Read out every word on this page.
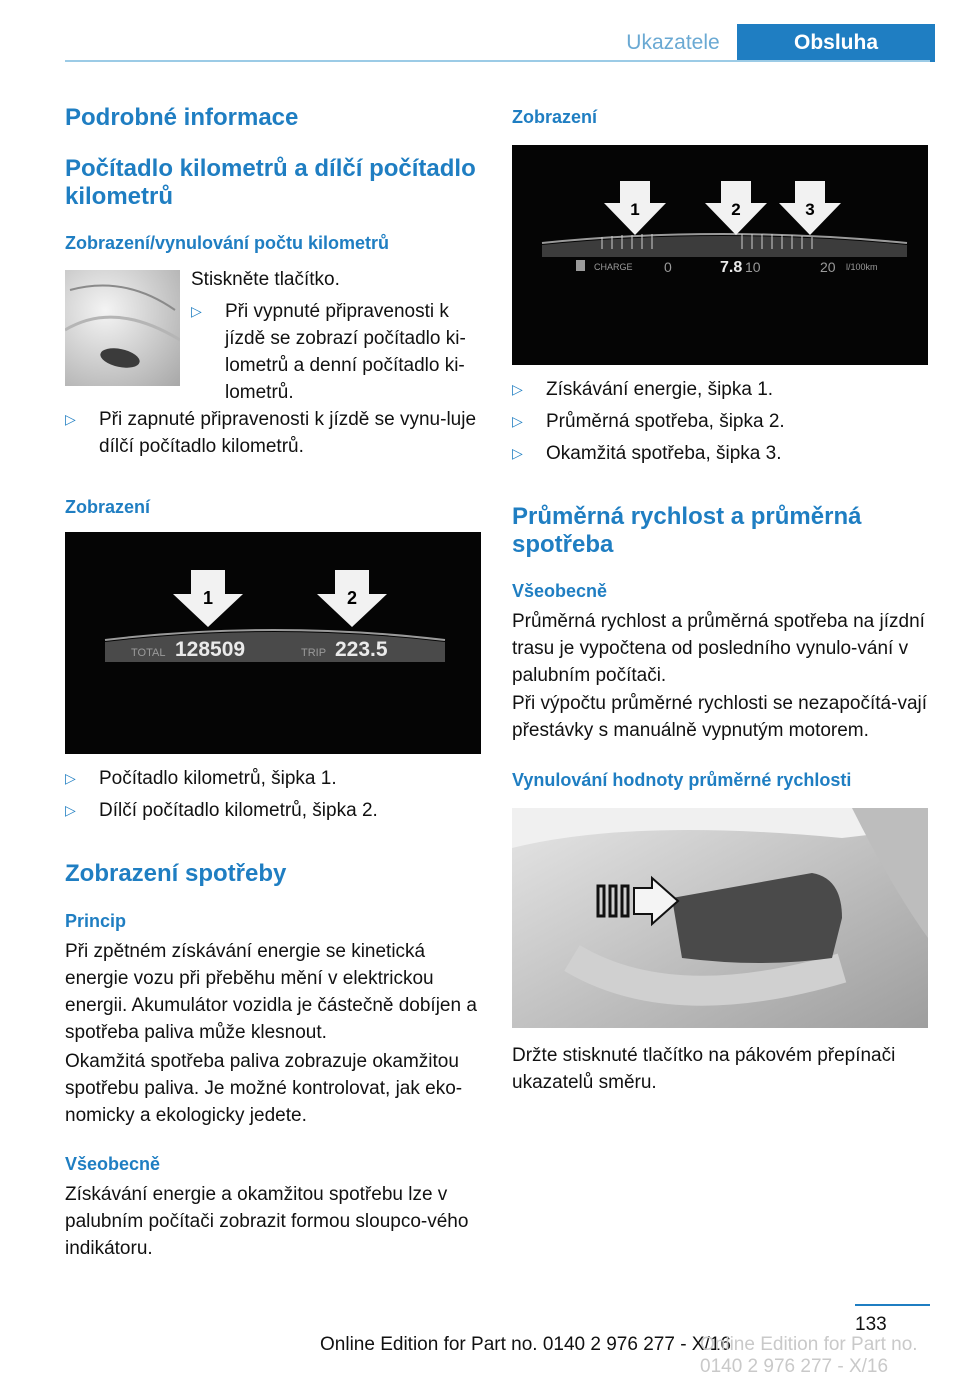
Ukazatele	Obsluha
Podrobné informace
Počítadlo kilometrů a dílčí počítadlo kilometrů
Zobrazení/vynulování počtu kilometrů
Stiskněte tlačítko.
▷	Při vypnuté připravenosti k jízdě se zobrazí počítadlo ki-lometrů a denní počítadlo ki-lometrů.
▷	Při zapnuté připravenosti k jízdě se vynu-luje dílčí počítadlo kilometrů.
Zobrazení
1	2
TOTAL 128509	TRIP 223.5
▷	Počítadlo kilometrů, šipka 1.
▷	Dílčí počítadlo kilometrů, šipka 2.
Zobrazení spotřeby
Princip
Při zpětném získávání energie se kinetická energie vozu při přeběhu mění v elektrickou energii. Akumulátor vozidla je částečně dobíjen a spotřeba paliva může klesnout.
Okamžitá spotřeba paliva zobrazuje okamžitou spotřebu paliva. Je možné kontrolovat, jak eko-nomicky a ekologicky jedete.
Všeobecně
Získávání energie a okamžitou spotřebu lze v palubním počítači zobrazit formou sloupco-vého indikátoru.
Zobrazení
1	2	3
CHARGE 0	7.8 10	20 l/100km
▷	Získávání energie, šipka 1.
▷	Průměrná spotřeba, šipka 2.
▷	Okamžitá spotřeba, šipka 3.
Průměrná rychlost a průměrná spotřeba
Všeobecně
Průměrná rychlost a průměrná spotřeba na jízdní trasu je vypočtena od posledního vynulo-vání v palubním počítači.
Při výpočtu průměrné rychlosti se nezapočítá-vají přestávky s manuálně vypnutým motorem.
Vynulování hodnoty průměrné rychlosti
Držte stisknuté tlačítko na pákovém přepínači ukazatelů směru.
133
Online Edition for Part no. 0140 2 976 277 - X/16
Online Edition for Part no. 0140 2 976 277 - X/16
